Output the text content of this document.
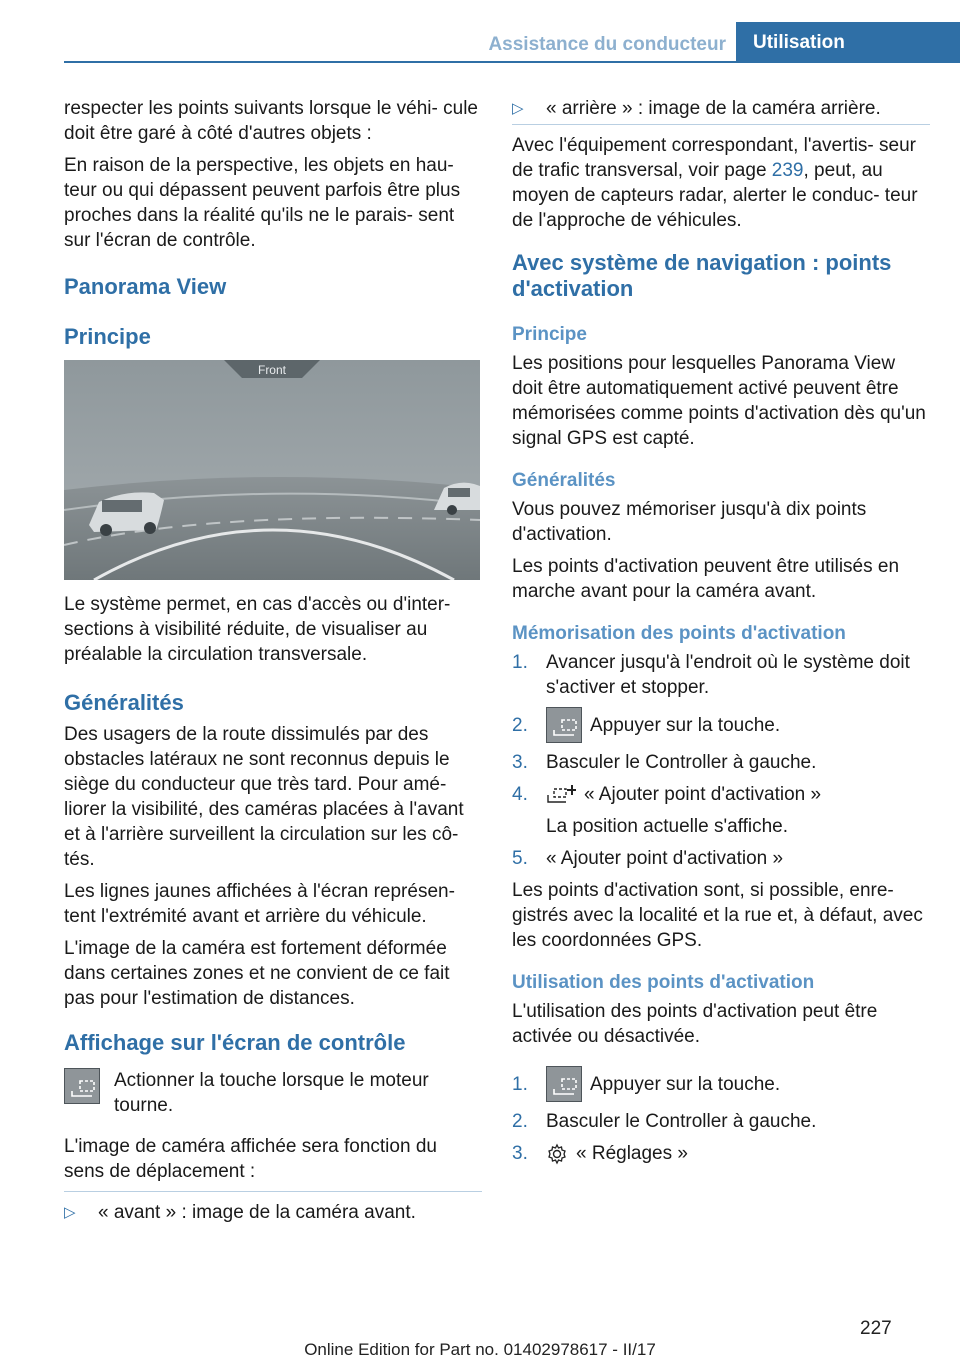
Assistance du conducteur	Utilisation

respecter les points suivants lorsque le véhi- cule doit être garé à côté d'autres objets :

En raison de la perspective, les objets en hau- teur ou qui dépassent peuvent parfois être plus proches dans la réalité qu'ils ne le parais- sent sur l'écran de contrôle.

Panorama View
Principe
Front

Le système permet, en cas d'accès ou d'inter- sections à visibilité réduite, de visualiser au préalable la circulation transversale.

Généralités

Des usagers de la route dissimulés par des obstacles latéraux ne sont reconnus depuis le siège du conducteur que très tard. Pour amé- liorer la visibilité, des caméras placées à l'avant et à l'arrière surveillent la circulation sur les cô- tés.

Les lignes jaunes affichées à l'écran représen- tent l'extrémité avant et arrière du véhicule.

L'image de la caméra est fortement déformée dans certaines zones et ne convient de ce fait pas pour l'estimation de distances.

Affichage sur l'écran de contrôle

Actionner la touche lorsque le moteur tourne.

L'image de caméra affichée sera fonction du sens de déplacement :

▷	« avant » : image de la caméra avant.
▷	« arrière » : image de la caméra arrière.

Avec l'équipement correspondant, l'avertis- seur de trafic transversal, voir page 239, peut, au moyen de capteurs radar, alerter le conduc- teur de l'approche de véhicules.

Avec système de navigation : points d'activation
Principe

Les positions pour lesquelles Panorama View doit être automatiquement activé peuvent être mémorisées comme points d'activation dès qu'un signal GPS est capté.

Généralités

Vous pouvez mémoriser jusqu'à dix points d'activation.

Les points d'activation peuvent être utilisés en marche avant pour la caméra avant.

Mémorisation des points d'activation
1. Avancer jusqu'à l'endroit où le système doit s'activer et stopper.
2.	Appuyer sur la touche.
3. Basculer le Controller à gauche.
4.	« Ajouter point d'activation »
La position actuelle s'affiche.
5. « Ajouter point d'activation »

Les points d'activation sont, si possible, enre- gistrés avec la localité et la rue et, à défaut, avec les coordonnées GPS.

Utilisation des points d'activation

L'utilisation des points d'activation peut être activée ou désactivée.

1.	Appuyer sur la touche.
2. Basculer le Controller à gauche.
3.	« Réglages »
227
Online Edition for Part no. 01402978617 - II/17
